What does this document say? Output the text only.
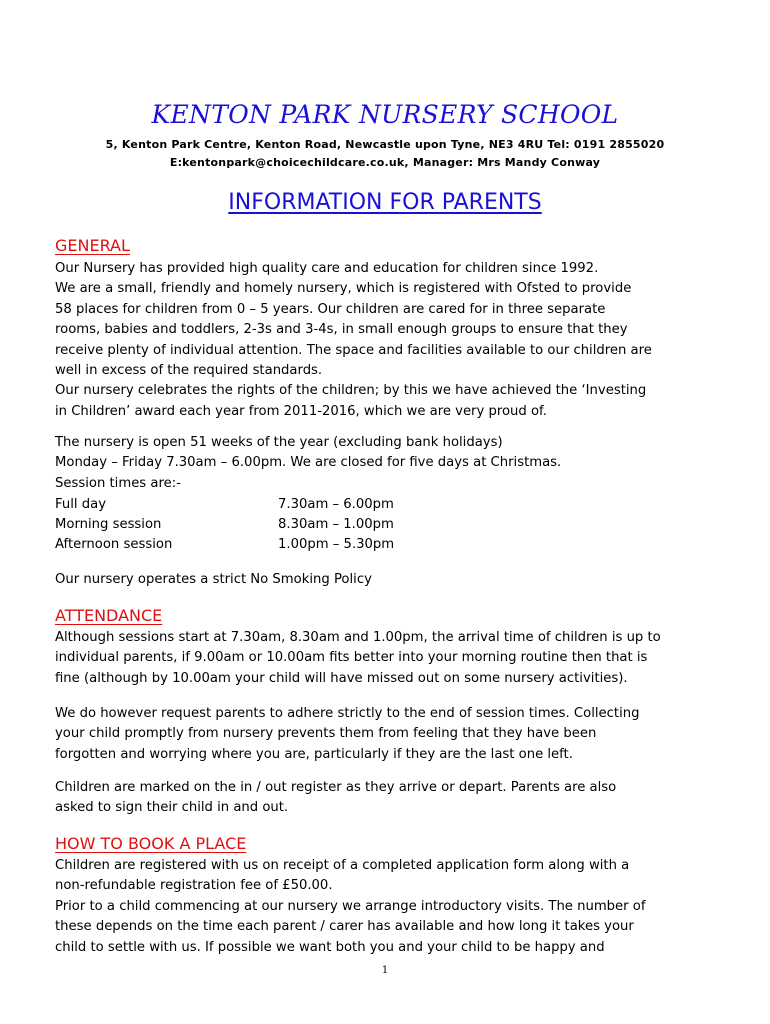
KENTON PARK NURSERY SCHOOL
5, Kenton Park Centre, Kenton Road, Newcastle upon Tyne, NE3 4RU Tel: 0191 2855020
E:kentonpark@choicechildcare.co.uk, Manager: Mrs Mandy Conway
INFORMATION FOR PARENTS
GENERAL
Our Nursery has provided high quality care and education for children since 1992.
We are a small, friendly and homely nursery, which is registered with Ofsted to provide
58 places for children from 0 – 5 years. Our children are cared for in three separate
rooms, babies and toddlers, 2-3s and 3-4s, in small enough groups to ensure that they
receive plenty of individual attention. The space and facilities available to our children are
well in excess of the required standards.
Our nursery celebrates the rights of the children; by this we have achieved the ‘Investing
in Children’ award each year from 2011-2016, which we are very proud of.
The nursery is open 51 weeks of the year (excluding bank holidays)
Monday – Friday 7.30am – 6.00pm. We are closed for five days at Christmas.
Session times are:-
Full day	7.30am – 6.00pm
Morning session	8.30am – 1.00pm
Afternoon session	1.00pm – 5.30pm
Our nursery operates a strict No Smoking Policy
ATTENDANCE
Although sessions start at 7.30am, 8.30am and 1.00pm, the arrival time of children is up to
individual parents, if 9.00am or 10.00am fits better into your morning routine then that is
fine (although by 10.00am your child will have missed out on some nursery activities).
We do however request parents to adhere strictly to the end of session times. Collecting
your child promptly from nursery prevents them from feeling that they have been
forgotten and worrying where you are, particularly if they are the last one left.
Children are marked on the in / out register as they arrive or depart. Parents are also
asked to sign their child in and out.
HOW TO BOOK A PLACE
Children are registered with us on receipt of a completed application form along with a
non-refundable registration fee of £50.00.
Prior to a child commencing at our nursery we arrange introductory visits. The number of
these depends on the time each parent / carer has available and how long it takes your
child to settle with us. If possible we want both you and your child to be happy and
1
